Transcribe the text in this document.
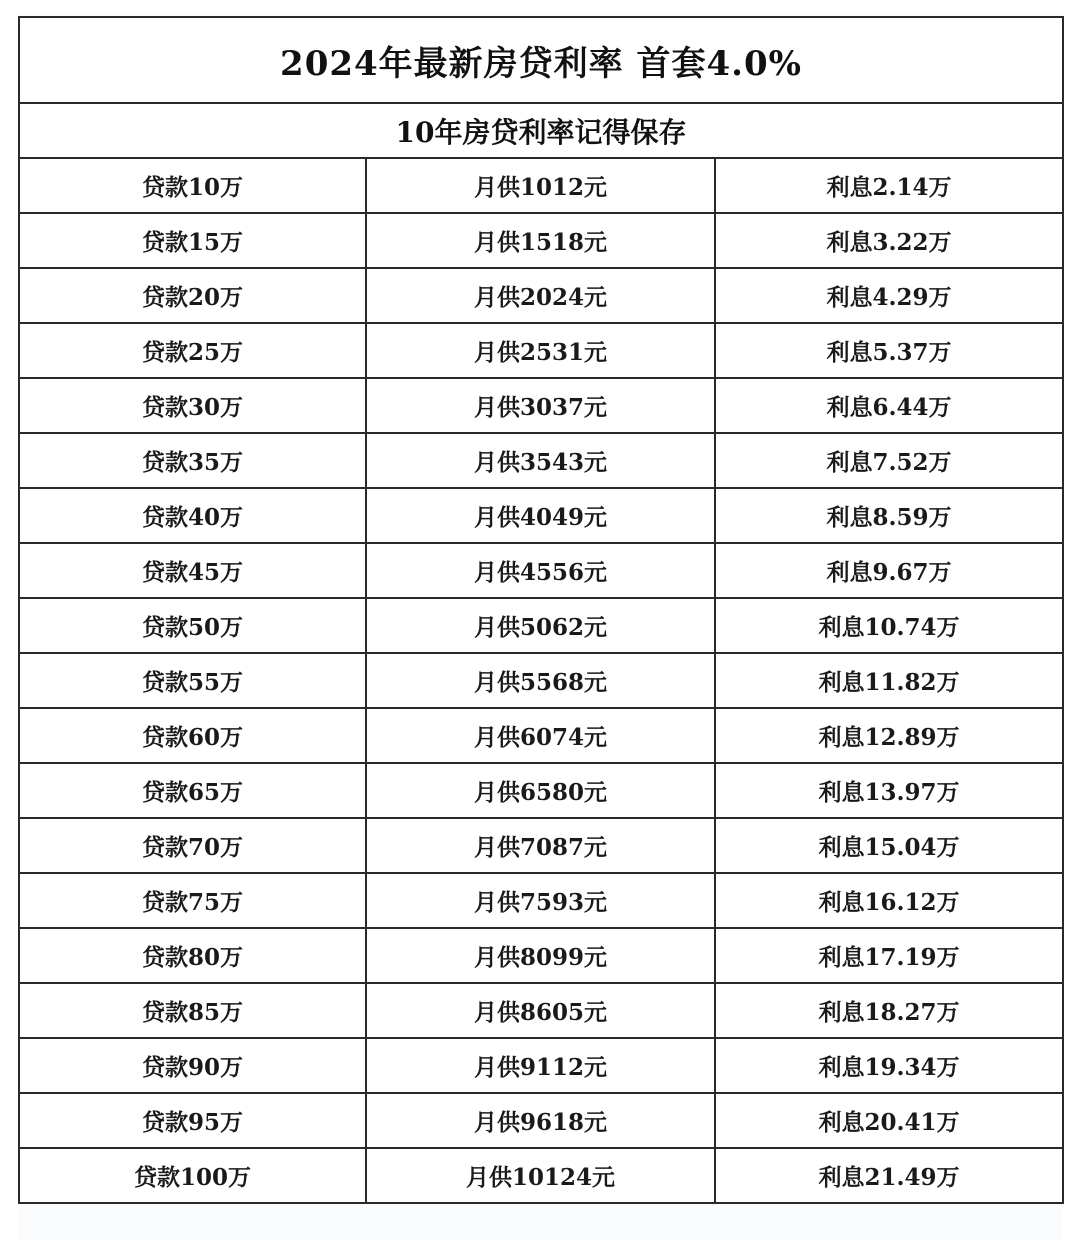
2024年最新房贷利率 首套4.0%		
10年房贷利率记得保存		
贷款10万	月供1012元	利息2.14万
贷款15万	月供1518元	利息3.22万
贷款20万	月供2024元	利息4.29万
贷款25万	月供2531元	利息5.37万
贷款30万	月供3037元	利息6.44万
贷款35万	月供3543元	利息7.52万
贷款40万	月供4049元	利息8.59万
贷款45万	月供4556元	利息9.67万
贷款50万	月供5062元	利息10.74万
贷款55万	月供5568元	利息11.82万
贷款60万	月供6074元	利息12.89万
贷款65万	月供6580元	利息13.97万
贷款70万	月供7087元	利息15.04万
贷款75万	月供7593元	利息16.12万
贷款80万	月供8099元	利息17.19万
贷款85万	月供8605元	利息18.27万
贷款90万	月供9112元	利息19.34万
贷款95万	月供9618元	利息20.41万
贷款100万	月供10124元	利息21.49万
